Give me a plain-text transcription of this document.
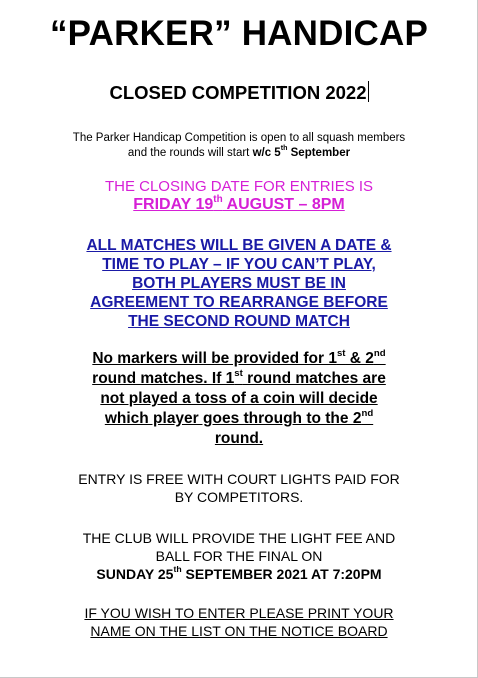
“PARKER” HANDICAP
CLOSED COMPETITION 2022
The Parker Handicap Competition is open to all squash members
and the rounds will start w/c 5th September
THE CLOSING DATE FOR ENTRIES IS
FRIDAY 19th AUGUST – 8PM
ALL MATCHES WILL BE GIVEN A DATE &
TIME TO PLAY – IF YOU CAN’T PLAY,
BOTH PLAYERS MUST BE IN
AGREEMENT TO REARRANGE BEFORE
THE SECOND ROUND MATCH
No markers will be provided for 1st & 2nd
round matches. If 1st round matches are
not played a toss of a coin will decide
which player goes through to the 2nd
round.
ENTRY IS FREE WITH COURT LIGHTS PAID FOR
BY COMPETITORS.
THE CLUB WILL PROVIDE THE LIGHT FEE AND
BALL FOR THE FINAL ON
SUNDAY 25th SEPTEMBER 2021 AT 7:20PM
IF YOU WISH TO ENTER PLEASE PRINT YOUR
NAME ON THE LIST ON THE NOTICE BOARD
